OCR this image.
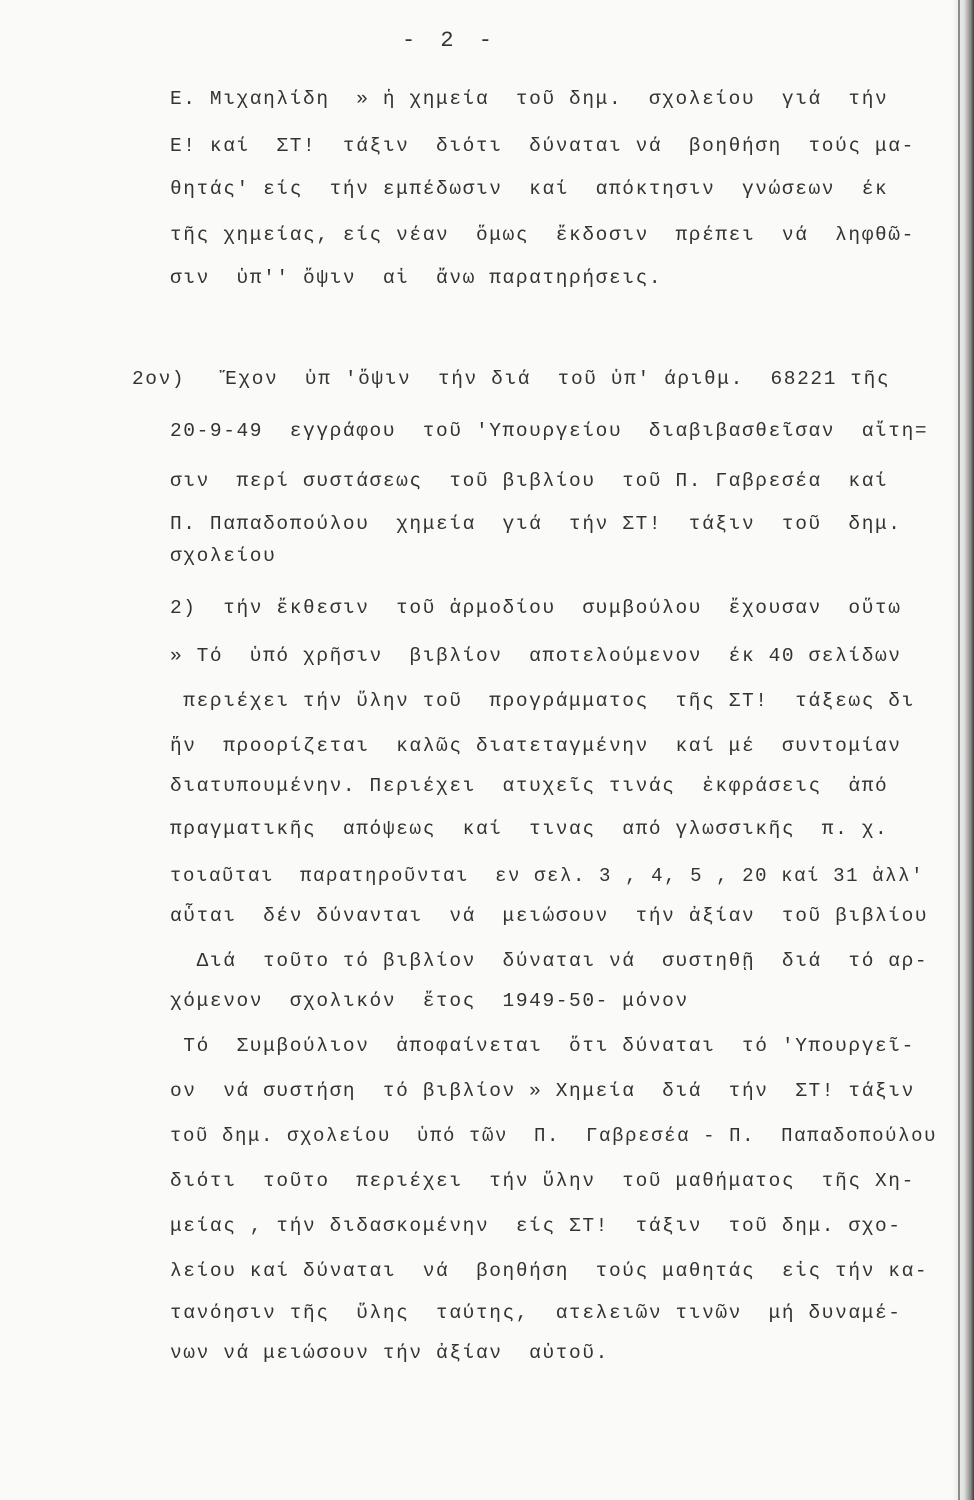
- 2 -
Ε. Μιχαηλίδη  » ἡ χημεία  τοῦ δημ.  σχολείου  γιά  τήν
Ε! καί  ΣΤ!  τάξιν  διότι  δύναται νά  βοηθήση  τούς μα-
θητάς' είς  τήν εμπέδωσιν  καί  απόκτησιν  γνώσεων  έκ
τῆς χημείας, είς νέαν  ὅμως  ἔκδοσιν  πρέπει  νά  ληφθῶ-
σιν  ὑπ'' ὄψιν  αἱ  ἄνω παρατηρήσεις.
2ον)   Ἔχον  ὑπ 'ὄψιν  τήν διά  τοῦ ὑπ' άριθμ.  68221 τῆς
20-9-49  εγγράφου  τοῦ 'Υπουργείου  διαβιβασθεῖσαν  αἴτη=
σιν  περί συστάσεως  τοῦ βιβλίου  τοῦ Π. Γαβρεσέα  καί
Π. Παπαδοπούλου  χημεία  γιά  τήν ΣΤ!  τάξιν  τοῦ  δημ.
σχολείου
2)  τήν ἔκθεσιν  τοῦ ἁρμοδίου  συμβούλου  ἔχουσαν  οὕτω
» Τό  ὑπό χρῆσιν  βιβλίον  αποτελούμενον  έκ 40 σελίδων
περιέχει τήν ὕλην τοῦ  προγράμματος  τῆς ΣΤ!  τάξεως δι
ἥν  προορίζεται  καλῶς διατεταγμένην  καί μέ  συντομίαν
διατυπουμένην. Περιέχει  ατυχεῖς τινάς  ἐκφράσεις  ἀπό
πραγματικῆς  απόψεως  καί  τινας  από γλωσσικῆς  π. χ.
τοιαῦται  παρατηροῦνται  εν σελ. 3 , 4, 5 , 20 καί 31 ἀλλ'
αὗται  δέν δύνανται  νά  μειώσουν  τήν ἀξίαν  τοῦ βιβλίου
Διά  τοῦτο τό βιβλίον  δύναται νά  συστηθῇ  διά  τό αρ-
χόμενον  σχολικόν  ἔτος  1949-50- μόνον
Τό  Συμβούλιον  ἀποφαίνεται  ὅτι δύναται  τό 'Υπουργεῖ-
ον  νά συστήση  τό βιβλίον » Χημεία  διά  τήν  ΣΤ! τάξιν
τοῦ δημ. σχολείου  ὑπό τῶν  Π.  Γαβρεσέα - Π.  Παπαδοπούλου
διότι  τοῦτο  περιέχει  τήν ὕλην  τοῦ μαθήματος  τῆς Χη-
μείας , τήν διδασκομένην  είς ΣΤ!  τάξιν  τοῦ δημ. σχο-
λείου καί δύναται  νά  βοηθήση  τούς μαθητάς  εἰς τήν κα-
τανόησιν τῆς  ὕλης  ταύτης,  ατελειῶν τινῶν  μή δυναμέ-
νων νά μειώσουν τήν ἀξίαν  αὐτοῦ.
